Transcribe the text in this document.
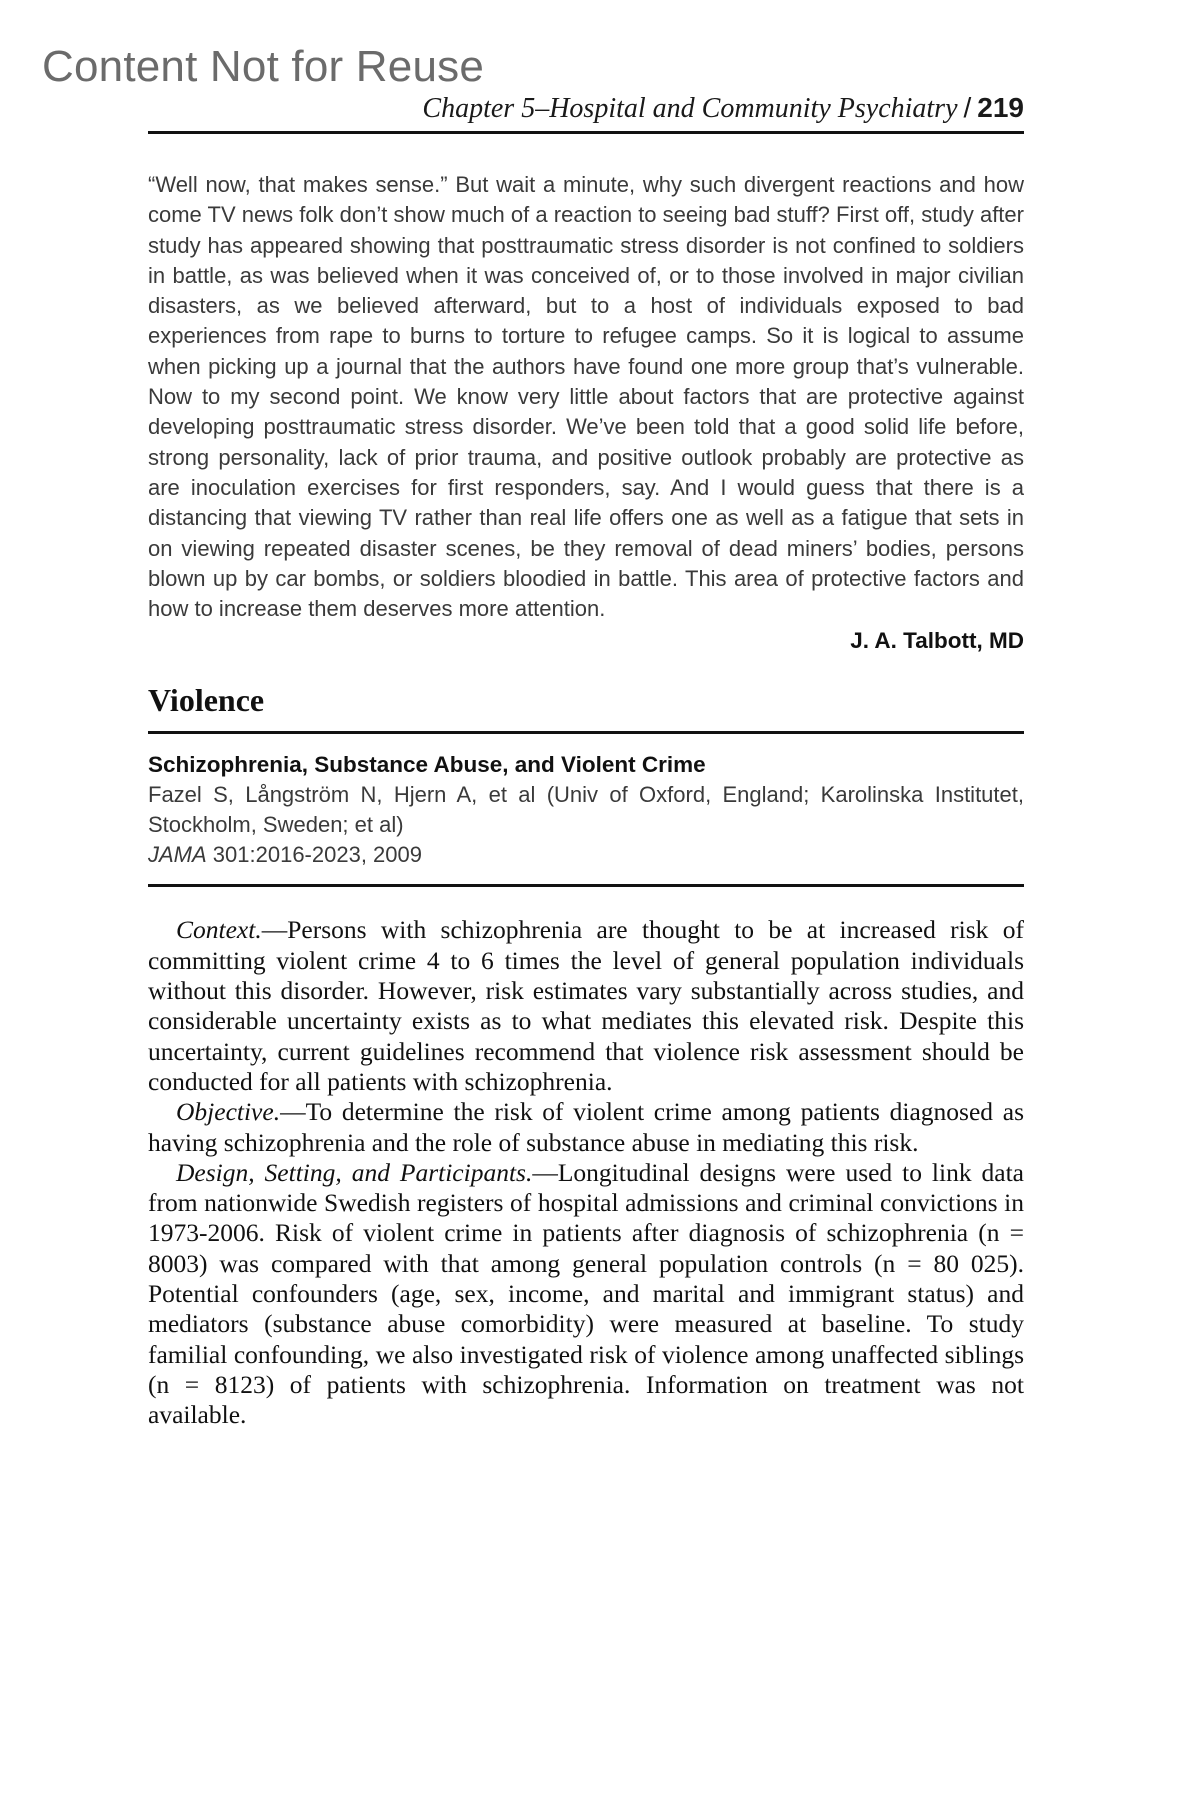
Content Not for Reuse
Chapter 5–Hospital and Community Psychiatry / 219
“Well now, that makes sense.” But wait a minute, why such divergent reactions and how come TV news folk don’t show much of a reaction to seeing bad stuff? First off, study after study has appeared showing that posttraumatic stress disorder is not confined to soldiers in battle, as was believed when it was conceived of, or to those involved in major civilian disasters, as we believed afterward, but to a host of individuals exposed to bad experiences from rape to burns to torture to refugee camps. So it is logical to assume when picking up a journal that the authors have found one more group that’s vulnerable. Now to my second point. We know very little about factors that are protective against developing posttraumatic stress disorder. We’ve been told that a good solid life before, strong personality, lack of prior trauma, and positive outlook probably are protective as are inoculation exercises for first responders, say. And I would guess that there is a distancing that viewing TV rather than real life offers one as well as a fatigue that sets in on viewing repeated disaster scenes, be they removal of dead miners’ bodies, persons blown up by car bombs, or soldiers bloodied in battle. This area of protective factors and how to increase them deserves more attention.
J. A. Talbott, MD
Violence
Schizophrenia, Substance Abuse, and Violent Crime
Fazel S, Långström N, Hjern A, et al (Univ of Oxford, England; Karolinska Institutet, Stockholm, Sweden; et al)
JAMA 301:2016-2023, 2009

Context.—Persons with schizophrenia are thought to be at increased risk of committing violent crime 4 to 6 times the level of general population individuals without this disorder. However, risk estimates vary substantially across studies, and considerable uncertainty exists as to what mediates this elevated risk. Despite this uncertainty, current guidelines recommend that violence risk assessment should be conducted for all patients with schizophrenia.

Objective.—To determine the risk of violent crime among patients diagnosed as having schizophrenia and the role of substance abuse in mediating this risk.

Design, Setting, and Participants.—Longitudinal designs were used to link data from nationwide Swedish registers of hospital admissions and criminal convictions in 1973-2006. Risk of violent crime in patients after diagnosis of schizophrenia (n = 8003) was compared with that among general population controls (n = 80 025). Potential confounders (age, sex, income, and marital and immigrant status) and mediators (substance abuse comorbidity) were measured at baseline. To study familial confounding, we also investigated risk of violence among unaffected siblings (n = 8123) of patients with schizophrenia. Information on treatment was not available.
